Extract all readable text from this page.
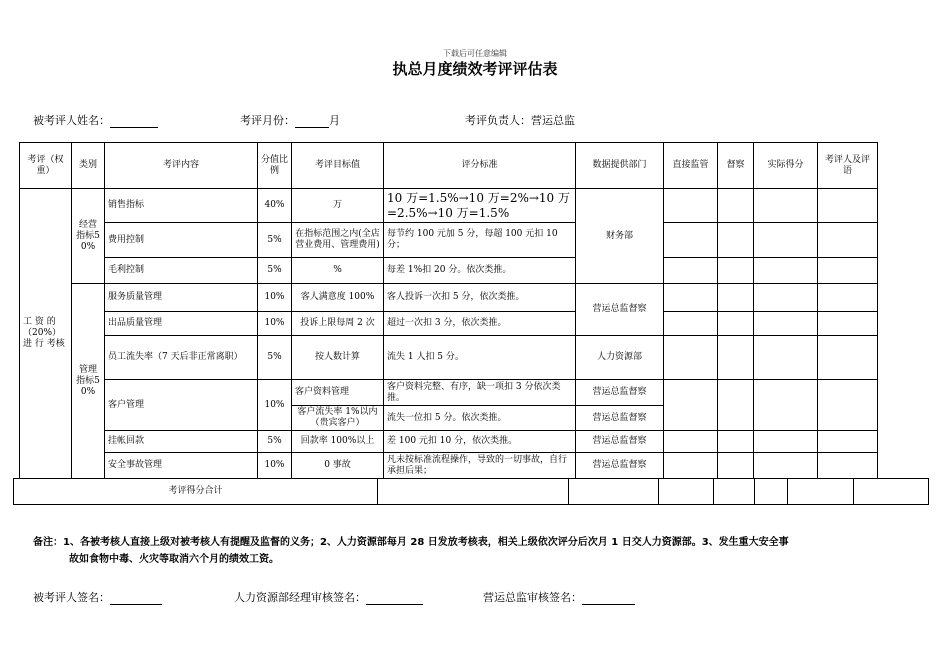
下载后可任意编辑
执总月度绩效考评评估表
被考评人姓名：	考评月份：	月	考评负责人：营运总监
考评（权重）	类别	考评内容	分值比例	考评目标值	评分标准	数据提供部门	直接监管	督察	实际得分	考评人及评语
工 资 的（20%）进 行 考核	经营指标50%	销售指标	40%	万	10 万=1.5%→10 万=2%→10 万=2.5%→10 万=1.5%	财务部				
		费用控制	5%	在指标范围之内(全店营业费用、管理费用)	每节约 100 元加 5 分，每超 100 元扣 10 分；					
		毛利控制	5%	%	每差 1%扣 20 分。依次类推。					
	管理指标50%	服务质量管理	10%	客人满意度 100%	客人投诉一次扣 5 分，依次类推。	营运总监督察				
		出品质量管理	10%	投诉上限每周 2 次	超过一次扣 3 分，依次类推。					
		员工流失率（7 天后非正常离职）	5%	按人数计算	流失 1 人扣 5 分。	人力资源部				
		客户管理	10%	客户资料管理	客户资料完整、有序，缺一项扣 3 分依次类推。	营运总监督察				
				客户流失率 1%以内（贵宾客户）	流失一位扣 5 分。依次类推。	营运总监督察				
		挂帐回款	5%	回款率 100%以上	差 100 元扣 10 分，依次类推。	营运总监督察				
		安全事故管理	10%	0 事故	凡未按标准流程操作，导致的一切事故，自行承担后果；	营运总监督察				
考评得分合计							
备注：1、各被考核人直接上级对被考核人有提醒及监督的义务；2、人力资源部每月 28 日发放考核表，相关上级依次评分后次月 1 日交人力资源部。3、发生重大安全事
故如食物中毒、火灾等取消六个月的绩效工资。
被考评人签名：	人力资源部经理审核签名：	营运总监审核签名：
